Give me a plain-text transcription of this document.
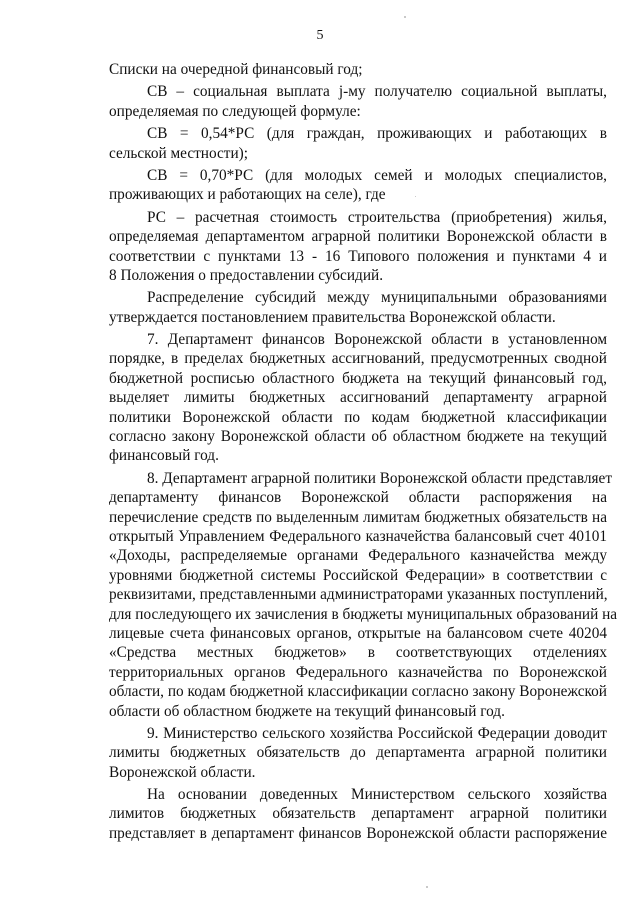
5
Списки на очередной финансовый год;
СВ – социальная выплата j-му получателю социальной выплаты,
определяемая по следующей формуле:
СВ = 0,54*РС (для граждан, проживающих и работающих в
сельской местности);
СВ = 0,70*РС (для молодых семей и молодых специалистов,
проживающих и работающих на селе), где
РС – расчетная стоимость строительства (приобретения) жилья,
определяемая департаментом аграрной политики Воронежской области в
соответствии с пунктами 13 - 16 Типового положения и пунктами 4 и
8 Положения о предоставлении субсидий.
Распределение субсидий между муниципальными образованиями
утверждается постановлением правительства Воронежской области.
7. Департамент финансов Воронежской области в установленном
порядке, в пределах бюджетных ассигнований, предусмотренных сводной
бюджетной росписью областного бюджета на текущий финансовый год,
выделяет лимиты бюджетных ассигнований департаменту аграрной
политики Воронежской области по кодам бюджетной классификации
согласно закону Воронежской области об областном бюджете на текущий
финансовый год.
8. Департамент аграрной политики Воронежской области представляет
департаменту финансов Воронежской области распоряжения на
перечисление средств по выделенным лимитам бюджетных обязательств на
открытый Управлением Федерального казначейства балансовый счет 40101
«Доходы, распределяемые органами Федерального казначейства между
уровнями бюджетной системы Российской Федерации» в соответствии с
реквизитами, представленными администраторами указанных поступлений,
для последующего их зачисления в бюджеты муниципальных образований на
лицевые счета финансовых органов, открытые на балансовом счете 40204
«Средства местных бюджетов» в соответствующих отделениях
территориальных органов Федерального казначейства по Воронежской
области, по кодам бюджетной классификации согласно закону Воронежской
области об областном бюджете на текущий финансовый год.
9. Министерство сельского хозяйства Российской Федерации доводит
лимиты бюджетных обязательств до департамента аграрной политики
Воронежской области.
На основании доведенных Министерством сельского хозяйства
лимитов бюджетных обязательств департамент аграрной политики
представляет в департамент финансов Воронежской области распоряжение
